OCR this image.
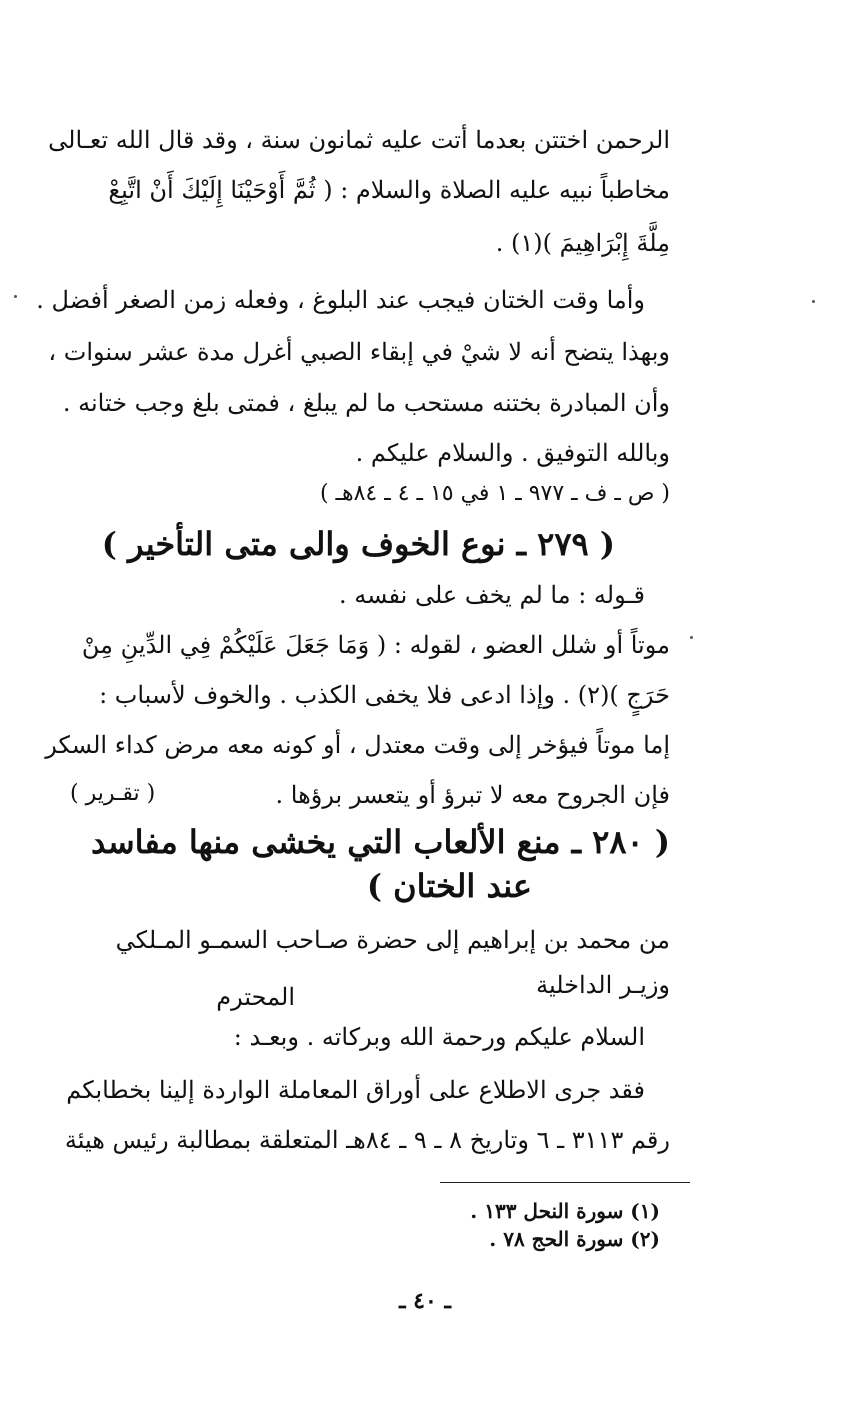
الرحمن اختتن بعدما أتت عليه ثمانون سنة ، وقد قال الله تعـالى
مخاطباً نبيه عليه الصلاة والسلام : ( ثُمَّ أَوْحَيْنَا إِلَيْكَ أَنْ اتَّبِعْ
مِلَّةَ إِبْرَاهِيمَ )(١) .
وأما وقت الختان فيجب عند البلوغ ، وفعله زمن الصغر أفضل .
وبهذا يتضح أنه لا شيْ في إبقاء الصبي أغرل مدة عشر سنوات ،
وأن المبادرة بختنه مستحب ما لم يبلغ ، فمتى بلغ وجب ختانه .
وبالله التوفيق . والسلام عليكم .
( ص ـ ف ـ ٩٧٧ ـ ١ في ١٥ ـ ٤ ـ ٨٤هـ )
( ٢٧٩ ـ نوع الخوف والى متى التأخير )
قـوله : ما لم يخف على نفسه .
موتاً أو شلل العضو ، لقوله : ( وَمَا جَعَلَ عَلَيْكُمْ فِي الدِّينِ مِنْ
حَرَجٍ )(٢) . وإذا ادعى فلا يخفى الكذب . والخوف لأسباب :
إما موتاً فيؤخر إلى وقت معتدل ، أو كونه معه مرض كداء السكر
فإن الجروح معه لا تبرؤ أو يتعسر برؤها .
( تقـرير )
( ٢٨٠ ـ منع الألعاب التي يخشى منها مفاسد
عند الختان )
من محمد بن إبراهيم إلى حضرة صـاحب السمـو المـلكي
وزيـر الداخلية
المحترم
السلام عليكم ورحمة الله وبركاته . وبعـد :
فقد جرى الاطلاع على أوراق المعاملة الواردة إلينا بخطابكم
رقم ٣١١٣ ـ ٦ وتاريخ ٨ ـ ٩ ـ ٨٤هـ المتعلقة بمطالبة رئيس هيئة
(١) سورة النحل ١٣٣ .
(٢) سورة الحج ٧٨ .
ـ ٤٠ ـ
